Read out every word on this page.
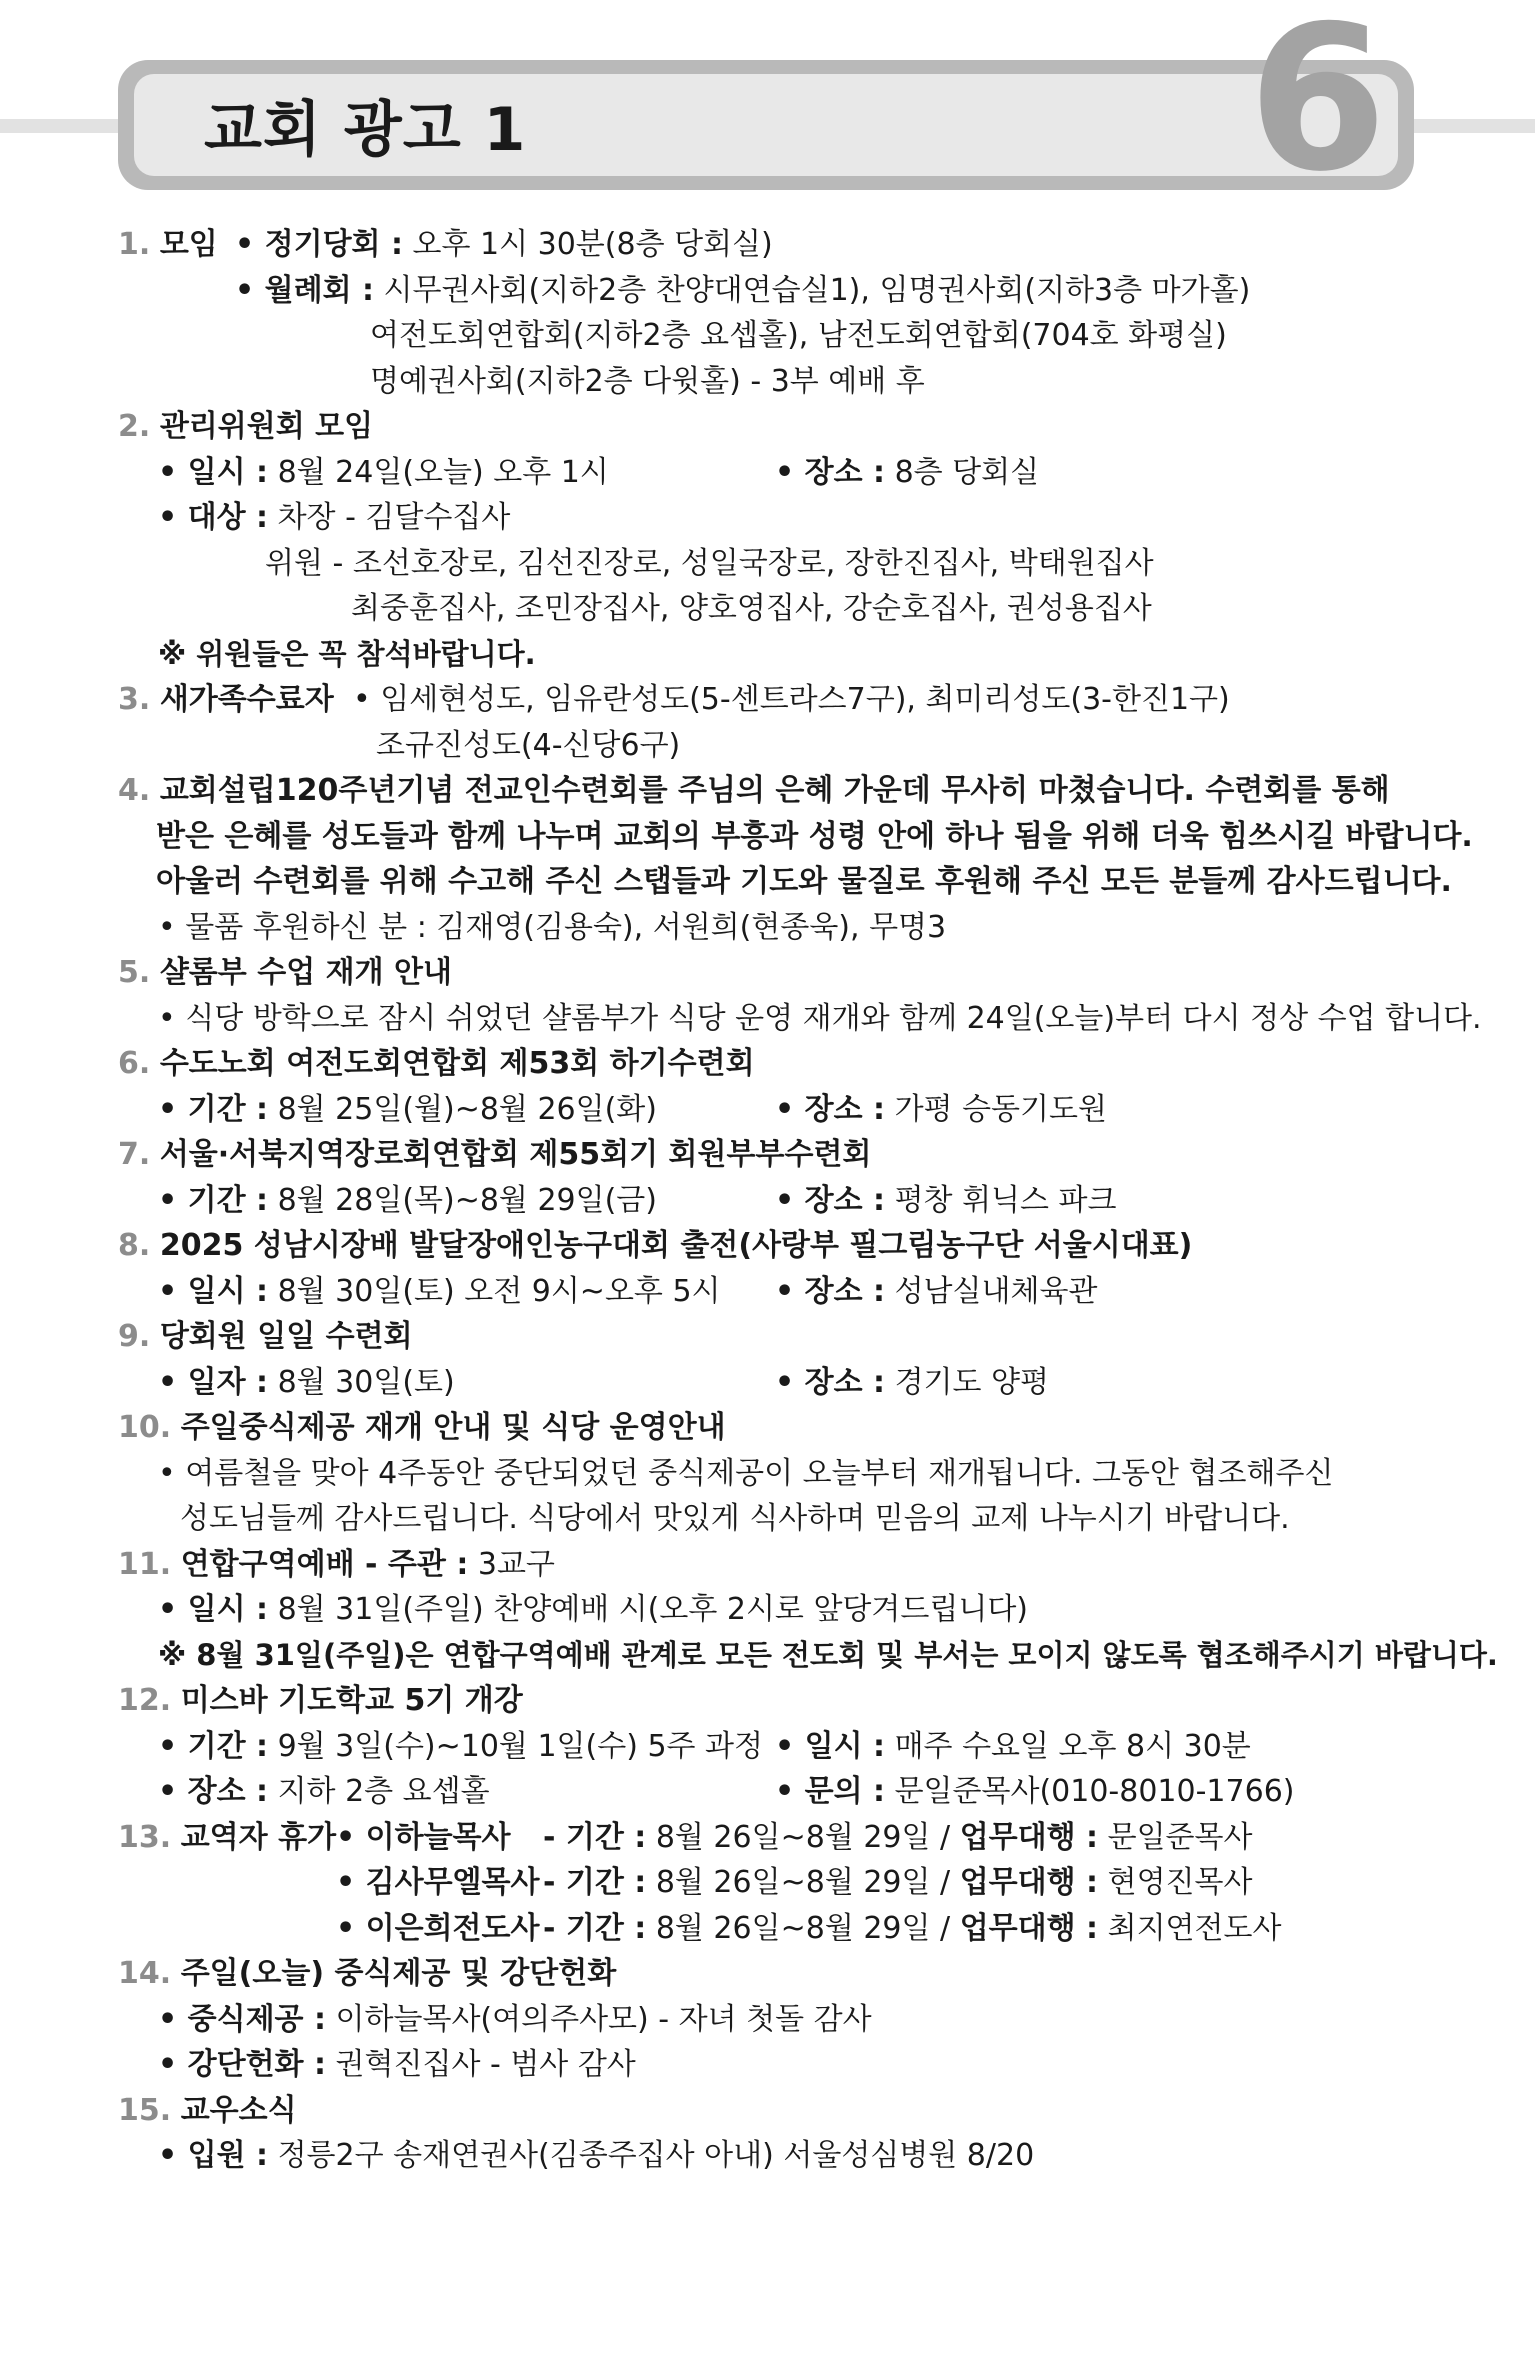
교회 광고 1	6
1. 모임 • 정기당회 : 오후 1시 30분(8층 당회실)
• 월례회 : 시무권사회(지하2층 찬양대연습실1), 임명권사회(지하3층 마가홀)
여전도회연합회(지하2층 요셉홀), 남전도회연합회(704호 화평실)
명예권사회(지하2층 다윗홀) - 3부 예배 후
2. 관리위원회 모임
• 일시 : 8월 24일(오늘) 오후 1시	• 장소 : 8층 당회실
• 대상 : 차장 - 김달수집사
위원 - 조선호장로, 김선진장로, 성일국장로, 장한진집사, 박태원집사
최중훈집사, 조민장집사, 양호영집사, 강순호집사, 권성용집사
※ 위원들은 꼭 참석바랍니다.
3. 새가족수료자 • 임세현성도, 임유란성도(5-센트라스7구), 최미리성도(3-한진1구)
조규진성도(4-신당6구)
4. 교회설립120주년기념 전교인수련회를 주님의 은혜 가운데 무사히 마쳤습니다. 수련회를 통해
받은 은혜를 성도들과 함께 나누며 교회의 부흥과 성령 안에 하나 됨을 위해 더욱 힘쓰시길 바랍니다.
아울러 수련회를 위해 수고해 주신 스탭들과 기도와 물질로 후원해 주신 모든 분들께 감사드립니다.
• 물품 후원하신 분 : 김재영(김용숙), 서원희(현종욱), 무명3
5. 샬롬부 수업 재개 안내
• 식당 방학으로 잠시 쉬었던 샬롬부가 식당 운영 재개와 함께 24일(오늘)부터 다시 정상 수업 합니다.
6. 수도노회 여전도회연합회 제53회 하기수련회
• 기간 : 8월 25일(월)~8월 26일(화)	• 장소 : 가평 승동기도원
7. 서울·서북지역장로회연합회 제55회기 회원부부수련회
• 기간 : 8월 28일(목)~8월 29일(금)	• 장소 : 평창 휘닉스 파크
8. 2025 성남시장배 발달장애인농구대회 출전(사랑부 필그림농구단 서울시대표)
• 일시 : 8월 30일(토) 오전 9시~오후 5시 • 장소 : 성남실내체육관
9. 당회원 일일 수련회
• 일자 : 8월 30일(토)	• 장소 : 경기도 양평
10. 주일중식제공 재개 안내 및 식당 운영안내
• 여름철을 맞아 4주동안 중단되었던 중식제공이 오늘부터 재개됩니다. 그동안 협조해주신
성도님들께 감사드립니다. 식당에서 맛있게 식사하며 믿음의 교제 나누시기 바랍니다.
11. 연합구역예배 - 주관 : 3교구
• 일시 : 8월 31일(주일) 찬양예배 시(오후 2시로 앞당겨드립니다)
※ 8월 31일(주일)은 연합구역예배 관계로 모든 전도회 및 부서는 모이지 않도록 협조해주시기 바랍니다.
12. 미스바 기도학교 5기 개강
• 기간 : 9월 3일(수)~10월 1일(수) 5주 과정 • 일시 : 매주 수요일 오후 8시 30분
• 장소 : 지하 2층 요셉홀	• 문의 : 문일준목사(010-8010-1766)
13. 교역자 휴가 • 이하늘목사 - 기간 : 8월 26일~8월 29일 / 업무대행 : 문일준목사
• 김사무엘목사 - 기간 : 8월 26일~8월 29일 / 업무대행 : 현영진목사
• 이은희전도사 - 기간 : 8월 26일~8월 29일 / 업무대행 : 최지연전도사
14. 주일(오늘) 중식제공 및 강단헌화
• 중식제공 : 이하늘목사(여의주사모) - 자녀 첫돌 감사
• 강단헌화 : 권혁진집사 - 범사 감사
15. 교우소식
• 입원 : 정릉2구 송재연권사(김종주집사 아내) 서울성심병원 8/20
